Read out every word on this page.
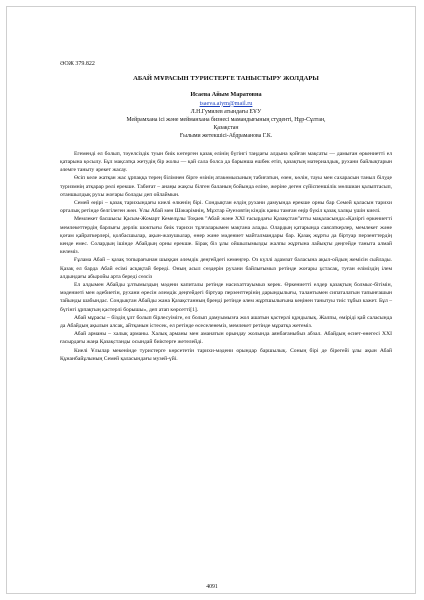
ӘОЖ 379.822
АБАЙ МҰРАСЫН ТУРИСТЕРГЕ ТАНЫСТЫРУ ЖОЛДАРЫ
Исаева Айым Маратовна
tsaeva.aiym@mail.ru
Л.Н.Гумилев атындағы ЕҰУ
Мейрамхана ісі және мейманхана бизнесі мамандығының студенті, Нұр-Сұлтан,
Қазақстан
Ғылыми жетекшісі-Абдраманова Г.К.

Егемендi ел болып, тәуелсiздiк туын биiк көтерген қазақ елiнiң бүгiнгi таңдағы алдына қойған мақсаты — дамыған өркениеттi ел қатарына қосылу. Бұл мақсатқа жетудің бір жолы — қай сала болса да барынша ешбек етіп, қазақтың материалдық, рухани байлықтарын әлемге таныту әрекет жасау.

Өсіп келе жатқан жас ұрпаққа терең білімнен бірге өзінің атакөмысының табиғатын, өзен, көлін, тауы мен сахарасын таныл білуде туризмнің атқарар рөлі ерекше. Табиғат – анаңы жақсы білген баланың бойында еліне, жеріне деген сүйіспеншілік мөлшиан қалыптасып, отаншылдық рухы жоғары болады деп ойлаймын.

Семей өңірі – қазақ тарихындағы киелі өлкенің бірі. Сондықтан елдің рухани дамуында ерекше орны бар Семей қаласын тарихи орталық ретінде белгілеген жөн. Ұлы Абай мен Шәкәрімнің, Мұхтар Әуезовтің кіндік қаны тамған өңір бүкіл қазақ халқы үшін киелі.

Мемлекет басшысы Қасым-Жомарт Кемелұлы Тоқаев "Абай және XXI ғасырдағы Қазақстан"атты мақаласында:«Қазіргі өркениетті мемлекеттердің барлығы дерлік шоктығы биік тарихи тұлғаларымен мақтана алады. Олардың қатарында саясаткерлер, мемлекет және қоғам қайраткерлері, қолбасшылар, ақын-жазушылар, өнер және мәдениет майталмандары бар. Қазақ жұрты да біртуар перзенттердің кенде емес. Солардың ішінде Абайдың орны ерекше. Бірақ біз ұлы ойшылымызды жалпы жұртына лайықты деңгейде таныта алмай келеміз.

Ғұлама Абай – қазақ топырағынан шыққан әлемдік деңгейдегі кемеңгер. Оз күллі адамзат баласына ақыл-ойдың жемісін сыйлады. Қазақ ел барда Абай есімі асқақтай береді. Оның асыл сөздерін рухани байлығымыз ретінде жоғары ұстасақ, туған еліміздің ілем алдындағы абыройы арта береді сөзсіз

Ел алдымен Абайды ұлтымыздың мәдени капиталы ретінде насихаттауымыз керек. Өркениетті елдер қазақтың болмыс-бітімін, мәдениеті мен әдебиетін, рухани өресін әлемдік деңгейдегі біртуар перзенттерінің дарындылығы, талантымен сипаталатын тапынғашын тайынды шабындас. Сондықтан Абайды жана Қазақстанның брендi ретiнде әлем жұртшылығына кеңінен танытуы тиіс тұбыз кажет. Бұл – бүгінгі ұрпақтың қастерлі борышы», деп атап көрсетті[1].

Абай мұрасы – біздің ұлт болып бірлесуіміге, ел болып дамуымызға жол ашатын қастерлі құндылық. Жалпы, өміріді қай саласында да Абайдың ақылын алсақ, айтқанын істесек, ел ретінде өсеселенеміз, мемлекет ретінде мұратқа жетеміз.

Абай арманы – халық арманы. Халық арманы мен аманатын орындау жолында аянбағаныбыз абзал. Абайдың өсиет-өнегесі XXI ғасырдағы жаңа Қазақстанды осындай биіктерге жетелейді.

Киелі Ұлылар мекенінде туристерге көрсететін тарихи-мәдени орындар баршылық. Соның бірі де бірегейі ұлы ақын Абай Құнанбайұлының Семей қаласындағы музей-үйі.

4091
